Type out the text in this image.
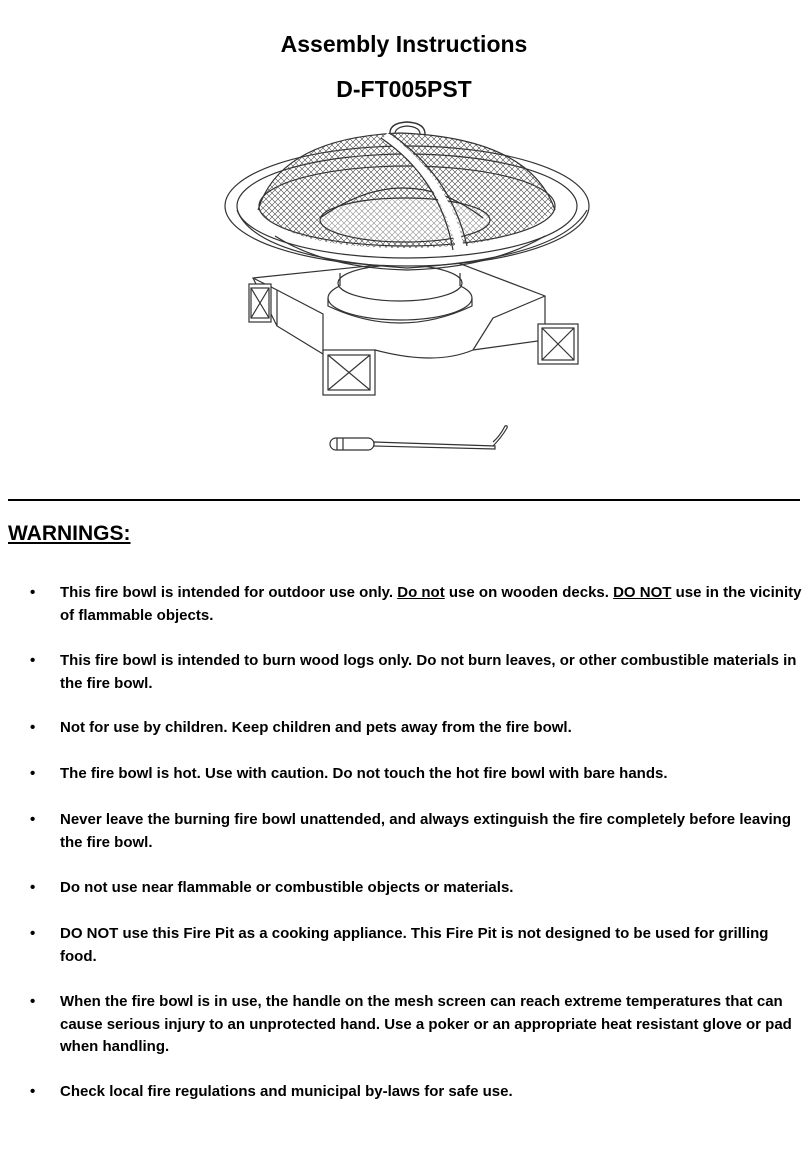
Assembly Instructions
D-FT005PST
WARNINGS:
• This fire bowl is intended for outdoor use only. Do not use on wooden decks. DO NOT use in the vicinity of flammable objects.
• This fire bowl is intended to burn wood logs only. Do not burn leaves, or other combustible materials in the fire bowl.
• Not for use by children. Keep children and pets away from the fire bowl.
• The fire bowl is hot. Use with caution. Do not touch the hot fire bowl with bare hands.
• Never leave the burning fire bowl unattended, and always extinguish the fire completely before leaving the fire bowl.
• Do not use near flammable or combustible objects or materials.
• DO NOT use this Fire Pit as a cooking appliance. This Fire Pit is not designed to be used for grilling food.
• When the fire bowl is in use, the handle on the mesh screen can reach extreme temperatures that can cause serious injury to an unprotected hand. Use a poker or an appropriate heat resistant glove or pad when handling.
• Check local fire regulations and municipal by-laws for safe use.
